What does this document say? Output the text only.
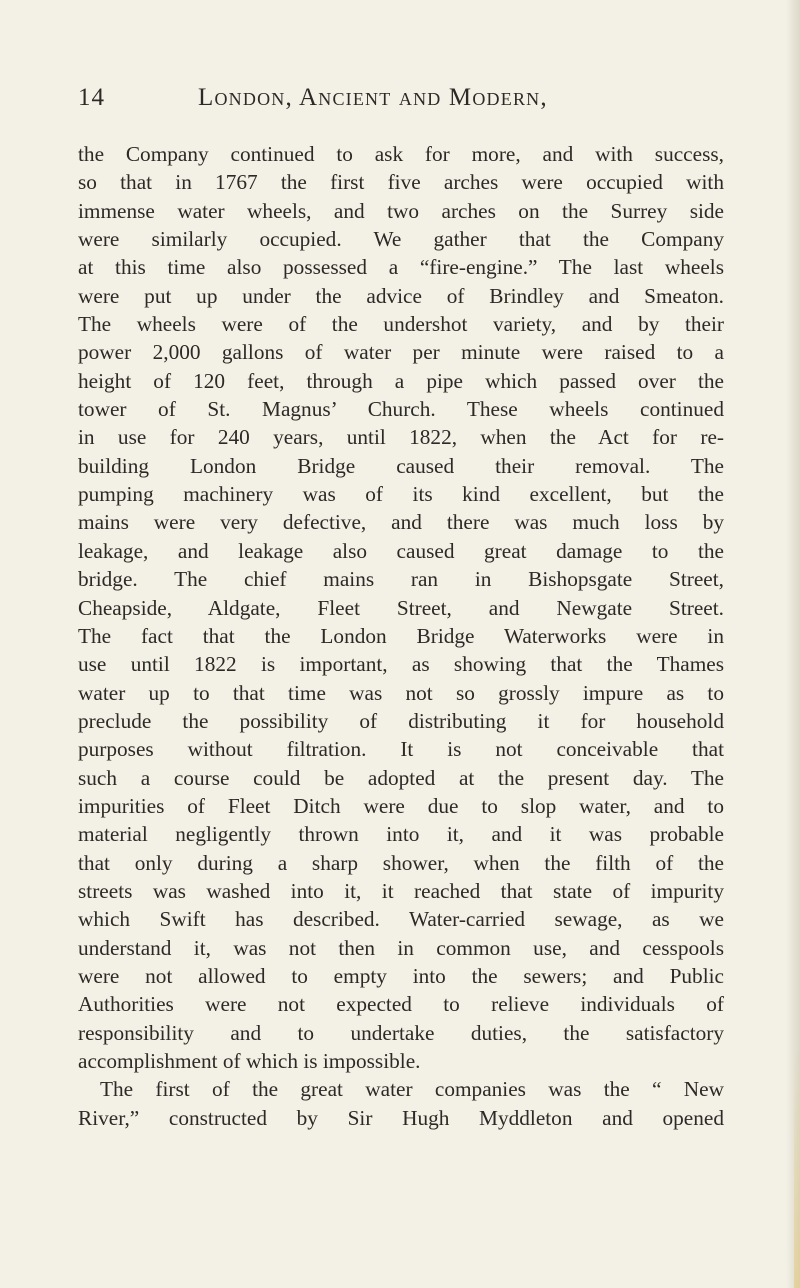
14	London, Ancient and Modern,
the Company continued to ask for more, and with success,
so that in 1767 the first five arches were occupied with
immense water wheels, and two arches on the Surrey side
were similarly occupied. We gather that the Company
at this time also possessed a “fire-engine.” The last wheels
were put up under the advice of Brindley and Smeaton.
The wheels were of the undershot variety, and by their
power 2,000 gallons of water per minute were raised to a
height of 120 feet, through a pipe which passed over the
tower of St. Magnus’ Church. These wheels continued
in use for 240 years, until 1822, when the Act for re-
building London Bridge caused their removal. The
pumping machinery was of its kind excellent, but the
mains were very defective, and there was much loss by
leakage, and leakage also caused great damage to the
bridge. The chief mains ran in Bishopsgate Street,
Cheapside, Aldgate, Fleet Street, and Newgate Street.
The fact that the London Bridge Waterworks were in
use until 1822 is important, as showing that the Thames
water up to that time was not so grossly impure as to
preclude the possibility of distributing it for household
purposes without filtration. It is not conceivable that
such a course could be adopted at the present day. The
impurities of Fleet Ditch were due to slop water, and to
material negligently thrown into it, and it was probable
that only during a sharp shower, when the filth of the
streets was washed into it, it reached that state of impurity
which Swift has described. Water-carried sewage, as we
understand it, was not then in common use, and cesspools
were not allowed to empty into the sewers; and Public
Authorities were not expected to relieve individuals of
responsibility and to undertake duties, the satisfactory
accomplishment of which is impossible.
The first of the great water companies was the “ New
River,” constructed by Sir Hugh Myddleton and opened
